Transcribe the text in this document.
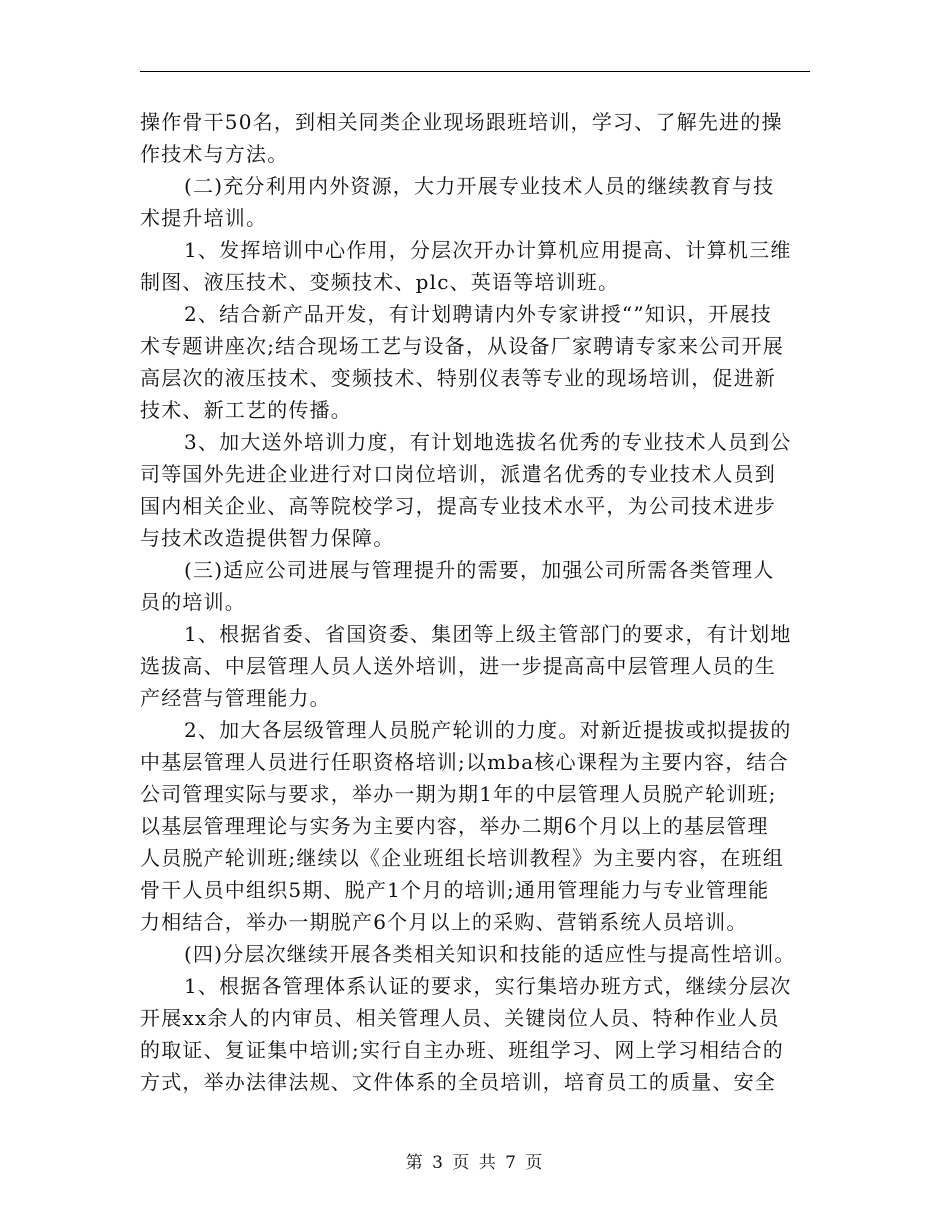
操作骨干50名，到相关同类企业现场跟班培训，学习、了解先进的操
作技术与方法。
(二)充分利用内外资源，大力开展专业技术人员的继续教育与技
术提升培训。
1、发挥培训中心作用，分层次开办计算机应用提高、计算机三维
制图、液压技术、变频技术、plc、英语等培训班。
2、结合新产品开发，有计划聘请内外专家讲授“”知识，开展技
术专题讲座次;结合现场工艺与设备，从设备厂家聘请专家来公司开展
高层次的液压技术、变频技术、特别仪表等专业的现场培训，促进新
技术、新工艺的传播。
3、加大送外培训力度，有计划地选拔名优秀的专业技术人员到公
司等国外先进企业进行对口岗位培训，派遣名优秀的专业技术人员到
国内相关企业、高等院校学习，提高专业技术水平，为公司技术进步
与技术改造提供智力保障。
(三)适应公司进展与管理提升的需要，加强公司所需各类管理人
员的培训。
1、根据省委、省国资委、集团等上级主管部门的要求，有计划地
选拔高、中层管理人员人送外培训，进一步提高高中层管理人员的生
产经营与管理能力。
2、加大各层级管理人员脱产轮训的力度。对新近提拔或拟提拔的
中基层管理人员进行任职资格培训;以mba核心课程为主要内容，结合
公司管理实际与要求，举办一期为期1年的中层管理人员脱产轮训班;
以基层管理理论与实务为主要内容，举办二期6个月以上的基层管理
人员脱产轮训班;继续以《企业班组长培训教程》为主要内容，在班组
骨干人员中组织5期、脱产1个月的培训;通用管理能力与专业管理能
力相结合，举办一期脱产6个月以上的采购、营销系统人员培训。
(四)分层次继续开展各类相关知识和技能的适应性与提高性培训。
1、根据各管理体系认证的要求，实行集培办班方式，继续分层次
开展xx余人的内审员、相关管理人员、关键岗位人员、特种作业人员
的取证、复证集中培训;实行自主办班、班组学习、网上学习相结合的
方式，举办法律法规、文件体系的全员培训，培育员工的质量、安全
第 3 页 共 7 页
